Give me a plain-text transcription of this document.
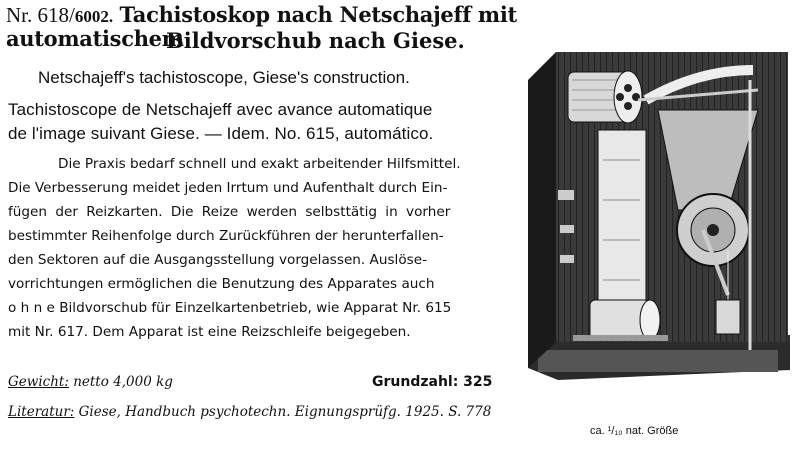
Nr. 618/6002. Tachistoskop nach Netschajeff mit automatischem
Bildvorschub nach Giese.
Netschajeff's tachistoscope, Giese's construction.
Tachistoscope de Netschajeff avec avance automatique
de l'image suivant Giese. — Idem. No. 615, automático.
Die Praxis bedarf schnell und exakt arbeitender Hilfsmittel.
Die Verbesserung meidet jeden Irrtum und Aufenthalt durch Ein-
fügen der Reizkarten. Die Reize werden selbsttätig in vorher
bestimmter Reihenfolge durch Zurückführen der herunterfallen-
den Sektoren auf die Ausgangsstellung vorgelassen. Auslöse-
vorrichtungen ermöglichen die Benutzung des Apparates auch
o h n e Bildvorschub für Einzelkartenbetrieb, wie Apparat Nr. 615
mit Nr. 617. Dem Apparat ist eine Reizschleife beigegeben.
Gewicht: netto 4,000 kg	Grundzahl: 325
Literatur: Giese, Handbuch psychotechn. Eignungsprüfg. 1925. S. 778
ca. ¹/₁₀ nat. Größe
